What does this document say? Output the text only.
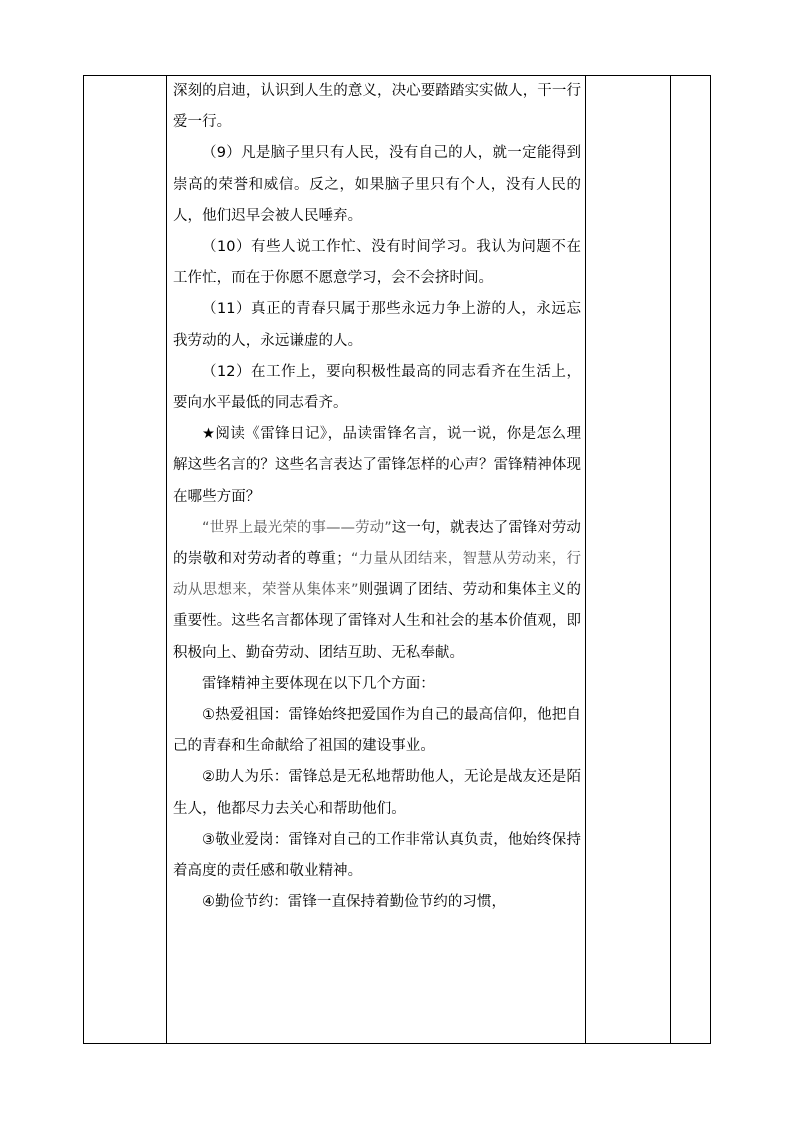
深刻的启迪，认识到人生的意义，决心要踏踏实实做人，干一行爱一行。

（9）凡是脑子里只有人民，没有自己的人，就一定能得到崇高的荣誉和威信。反之，如果脑子里只有个人，没有人民的人，他们迟早会被人民唾弃。

（10）有些人说工作忙、没有时间学习。我认为问题不在工作忙，而在于你愿不愿意学习，会不会挤时间。

（11）真正的青春只属于那些永远力争上游的人，永远忘我劳动的人，永远谦虚的人。

（12）在工作上，要向积极性最高的同志看齐在生活上，要向水平最低的同志看齐。

★阅读《雷锋日记》，品读雷锋名言，说一说，你是怎么理解这些名言的？这些名言表达了雷锋怎样的心声？雷锋精神体现在哪些方面？

“世界上最光荣的事——劳动”这一句，就表达了雷锋对劳动的崇敬和对劳动者的尊重；“力量从团结来，智慧从劳动来，行动从思想来，荣誉从集体来”则强调了团结、劳动和集体主义的重要性。这些名言都体现了雷锋对人生和社会的基本价值观，即积极向上、勤奋劳动、团结互助、无私奉献。

雷锋精神主要体现在以下几个方面：

①热爱祖国：雷锋始终把爱国作为自己的最高信仰，他把自己的青春和生命献给了祖国的建设事业。

②助人为乐：雷锋总是无私地帮助他人，无论是战友还是陌生人，他都尽力去关心和帮助他们。

③敬业爱岗：雷锋对自己的工作非常认真负责，他始终保持着高度的责任感和敬业精神。

④勤俭节约：雷锋一直保持着勤俭节约的习惯，
